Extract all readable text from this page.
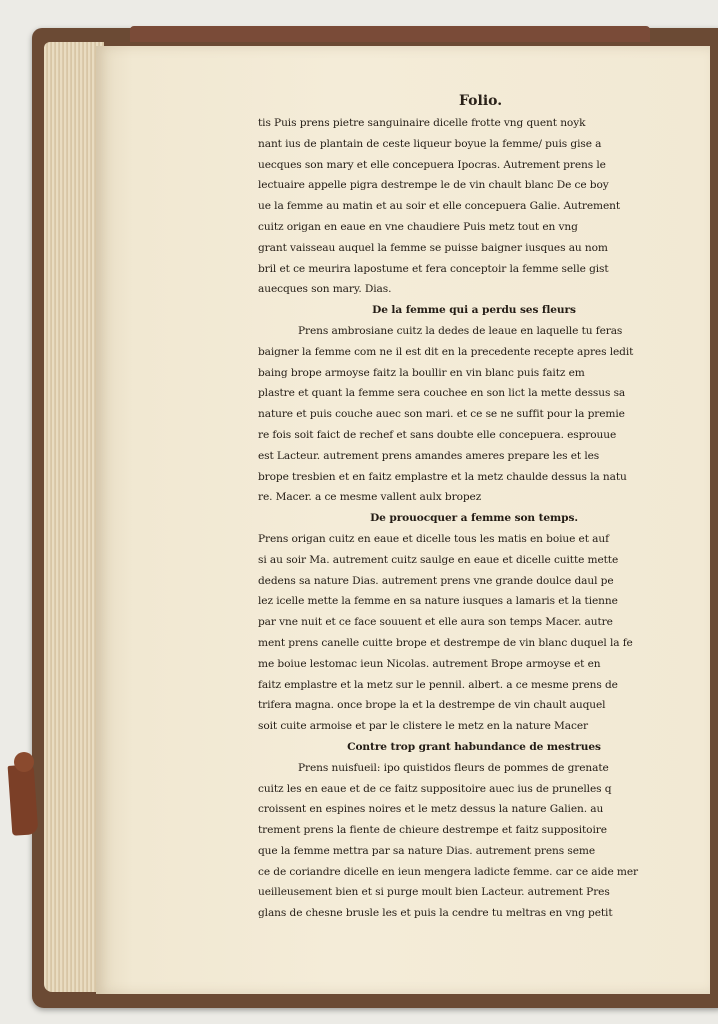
Folio.
tis Puis prens pietre sanguinaire dicelle frotte vng quent noyk
nant ius de plantain de ceste liqueur boyue la femme/ puis gise a
uecques son mary et elle concepuera Ipocras. Autrement prens le
lectuaire appelle pigra destrempe le de vin chault blanc De ce boy
ue la femme au matin et au soir et elle concepuera Galie. Autrement
cuitz origan en eaue en vne chaudiere Puis metz tout en vng
grant vaisseau auquel la femme se puisse baigner iusques au nom
bril et ce meurira lapostume et fera conceptoir la femme selle gist
auecques son mary. Dias.
De la femme qui a perdu ses fleurs
Prens ambrosiane cuitz la dedes de leaue en laquelle tu feras
baigner la femme com ne il est dit en la precedente recepte apres ledit
baing brope armoyse faitz la boullir en vin blanc puis faitz em
plastre et quant la femme sera couchee en son lict la mette dessus sa
nature et puis couche auec son mari. et ce se ne suffit pour la premie
re fois soit faict de rechef et sans doubte elle concepuera. esprouue
est Lacteur. autrement prens amandes ameres prepare les et les
brope tresbien et en faitz emplastre et la metz chaulde dessus la natu
re. Macer. a ce mesme vallent aulx bropez
De prouocquer a femme son temps.
Prens origan cuitz en eaue et dicelle tous les matis en boiue et auf
si au soir Ma. autrement cuitz saulge en eaue et dicelle cuitte mette
dedens sa nature Dias. autrement prens vne grande doulce daul pe
lez icelle mette la femme en sa nature iusques a lamaris et la tienne
par vne nuit et ce face souuent et elle aura son temps Macer. autre
ment prens canelle cuitte brope et destrempe de vin blanc duquel la fe
me boiue lestomac ieun Nicolas. autrement Brope armoyse et en
faitz emplastre et la metz sur le pennil. albert. a ce mesme prens de
trifera magna. once brope la et la destrempe de vin chault auquel
soit cuite armoise et par le clistere le metz en la nature Macer
Contre trop grant habundance de mestrues
Prens nuisfueil: ipo quistidos fleurs de pommes de grenate
cuitz les en eaue et de ce faitz suppositoire auec ius de prunelles q
croissent en espines noires et le metz dessus la nature Galien. au
trement prens la fiente de chieure destrempe et faitz suppositoire
que la femme mettra par sa nature Dias. autrement prens seme
ce de coriandre dicelle en ieun mengera ladicte femme. car ce aide mer
ueilleusement bien et si purge moult bien Lacteur. autrement Pres
glans de chesne brusle les et puis la cendre tu meltras en vng petit
